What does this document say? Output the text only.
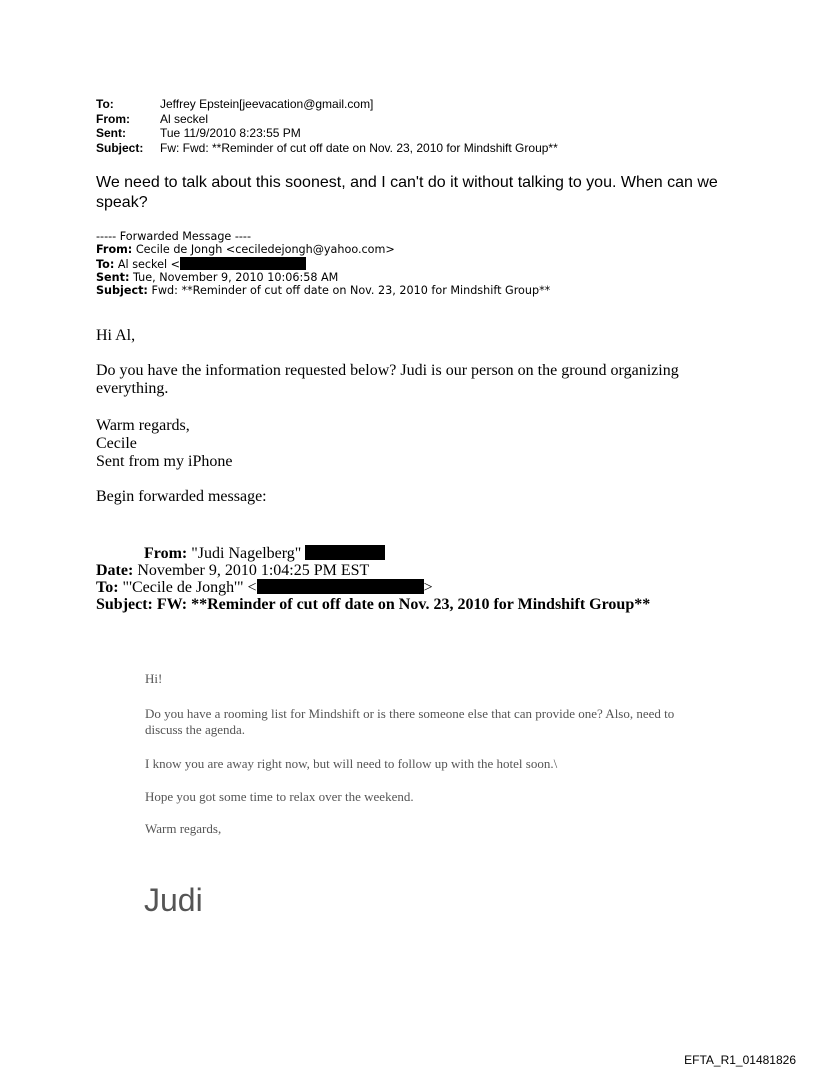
To:	Jeffrey Epstein[jeevacation@gmail.com]
From:	Al seckel
Sent:	Tue 11/9/2010 8:23:55 PM
Subject:	Fw: Fwd: **Reminder of cut off date on Nov. 23, 2010 for Mindshift Group**
We need to talk about this soonest, and I can't do it without talking to you. When can we speak?
----- Forwarded Message ----
From: Cecile de Jongh <ceciledejongh@yahoo.com>
To: Al seckel <
Sent: Tue, November 9, 2010 10:06:58 AM
Subject: Fwd: **Reminder of cut off date on Nov. 23, 2010 for Mindshift Group**
Hi Al,
Do you have the information requested below? Judi is our person on the ground organizing everything.
Warm regards,
Cecile
Sent from my iPhone
Begin forwarded message:
From: "Judi Nagelberg"
Date: November 9, 2010 1:04:25 PM EST
To: "'Cecile de Jongh'" <	>
Subject: FW: **Reminder of cut off date on Nov. 23, 2010 for Mindshift Group**
Hi!
Do you have a rooming list for Mindshift or is there someone else that can provide one? Also, need to discuss the agenda.
I know you are away right now, but will need to follow up with the hotel soon.\
Hope you got some time to relax over the weekend.
Warm regards,
Judi
EFTA_R1_01481826
